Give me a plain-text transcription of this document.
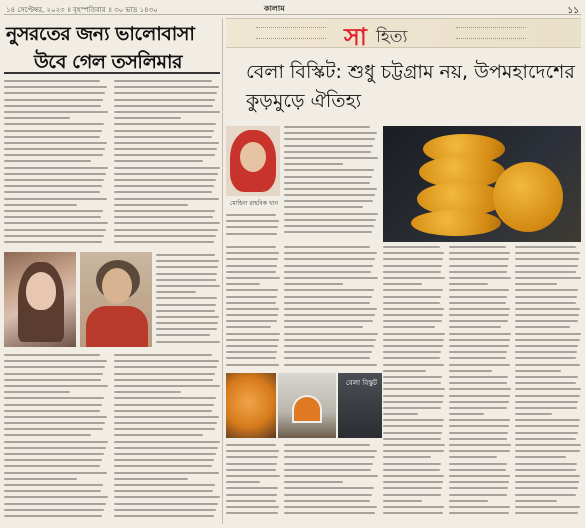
১৪ সেপ্টেম্বর, ২০২৩ ॥ বৃহস্পতিবার ॥ ৩০ ভাদ্র ১৪৩০	কালাম	১১
নুসরতের জন্য ভালোবাসা
উবে গেল তসলিমার
সা হিত্য
বেলা বিস্কিট: শুধু চট্টগ্রাম নয়, উপমহাদেশের কুড়মুড়ে ঐতিহ্য
মোহিনা রাহবিক খান
বেলা বিস্কুট
